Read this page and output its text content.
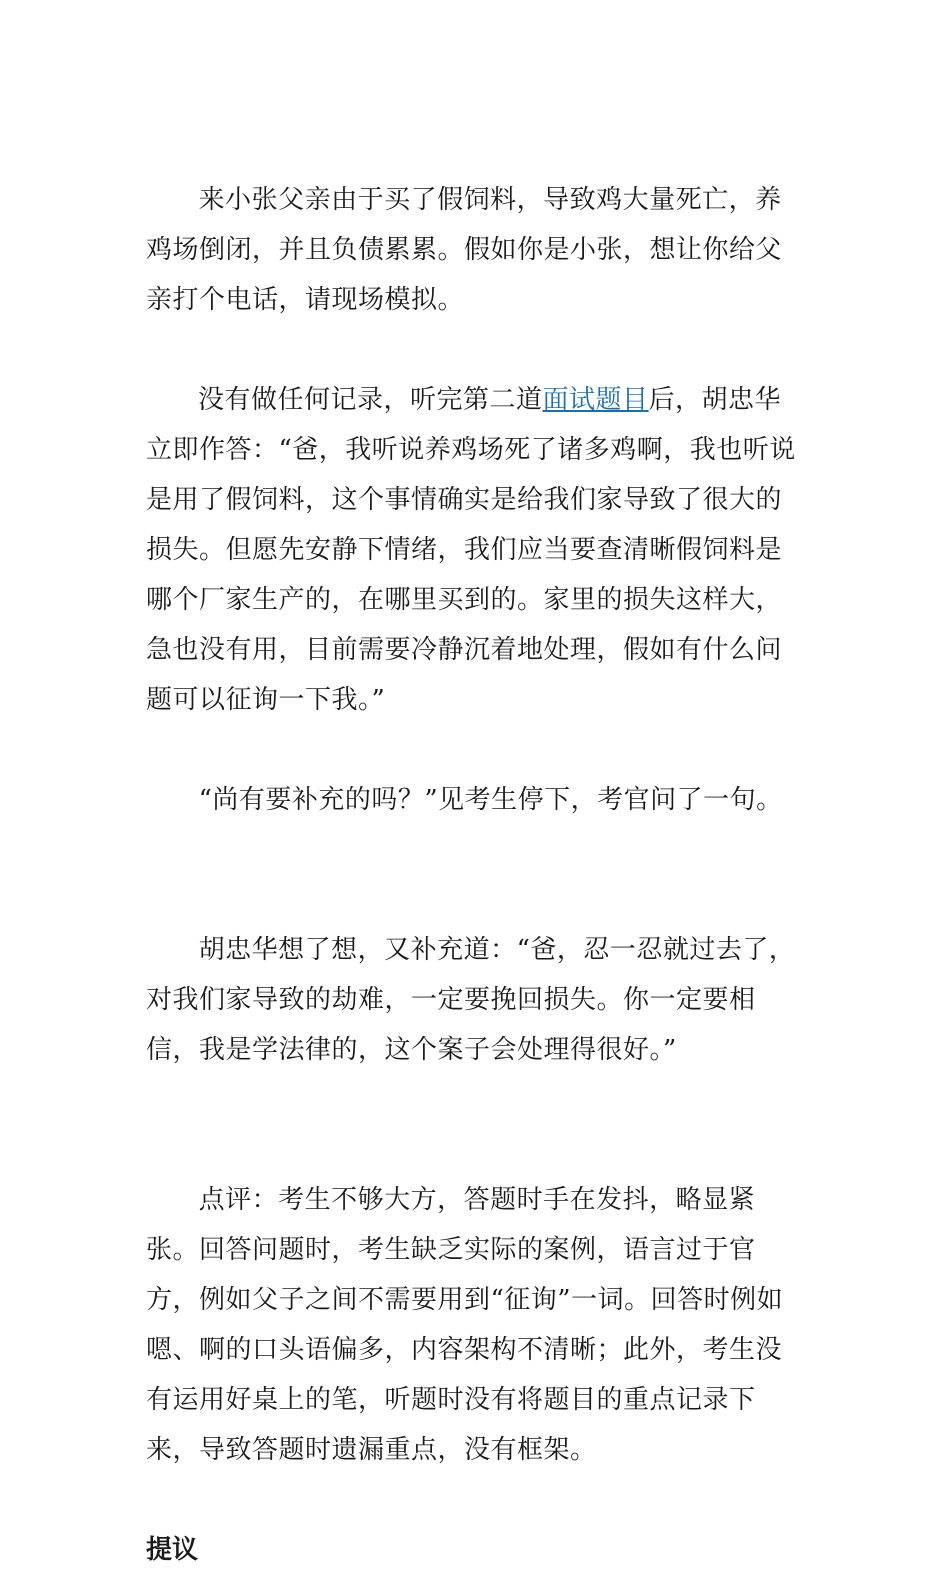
来小张父亲由于买了假饲料，导致鸡大量死亡，养鸡场倒闭，并且负债累累。假如你是小张，想让你给父亲打个电话，请现场模拟。

没有做任何记录，听完第二道面试题目后，胡忠华立即作答：“爸，我听说养鸡场死了诸多鸡啊，我也听说是用了假饲料，这个事情确实是给我们家导致了很大的损失。但愿先安静下情绪，我们应当要查清晰假饲料是哪个厂家生产的，在哪里买到的。家里的损失这样大，急也没有用，目前需要冷静沉着地处理，假如有什么问题可以征询一下我。”

“尚有要补充的吗？”见考生停下，考官问了一句。

胡忠华想了想，又补充道：“爸，忍一忍就过去了，对我们家导致的劫难，一定要挽回损失。你一定要相信，我是学法律的，这个案子会处理得很好。”

点评：考生不够大方，答题时手在发抖，略显紧张。回答问题时，考生缺乏实际的案例，语言过于官方，例如父子之间不需要用到“征询”一词。回答时例如嗯、啊的口头语偏多，内容架构不清晰；此外，考生没有运用好桌上的笔，听题时没有将题目的重点记录下来，导致答题时遗漏重点，没有框架。

提议
